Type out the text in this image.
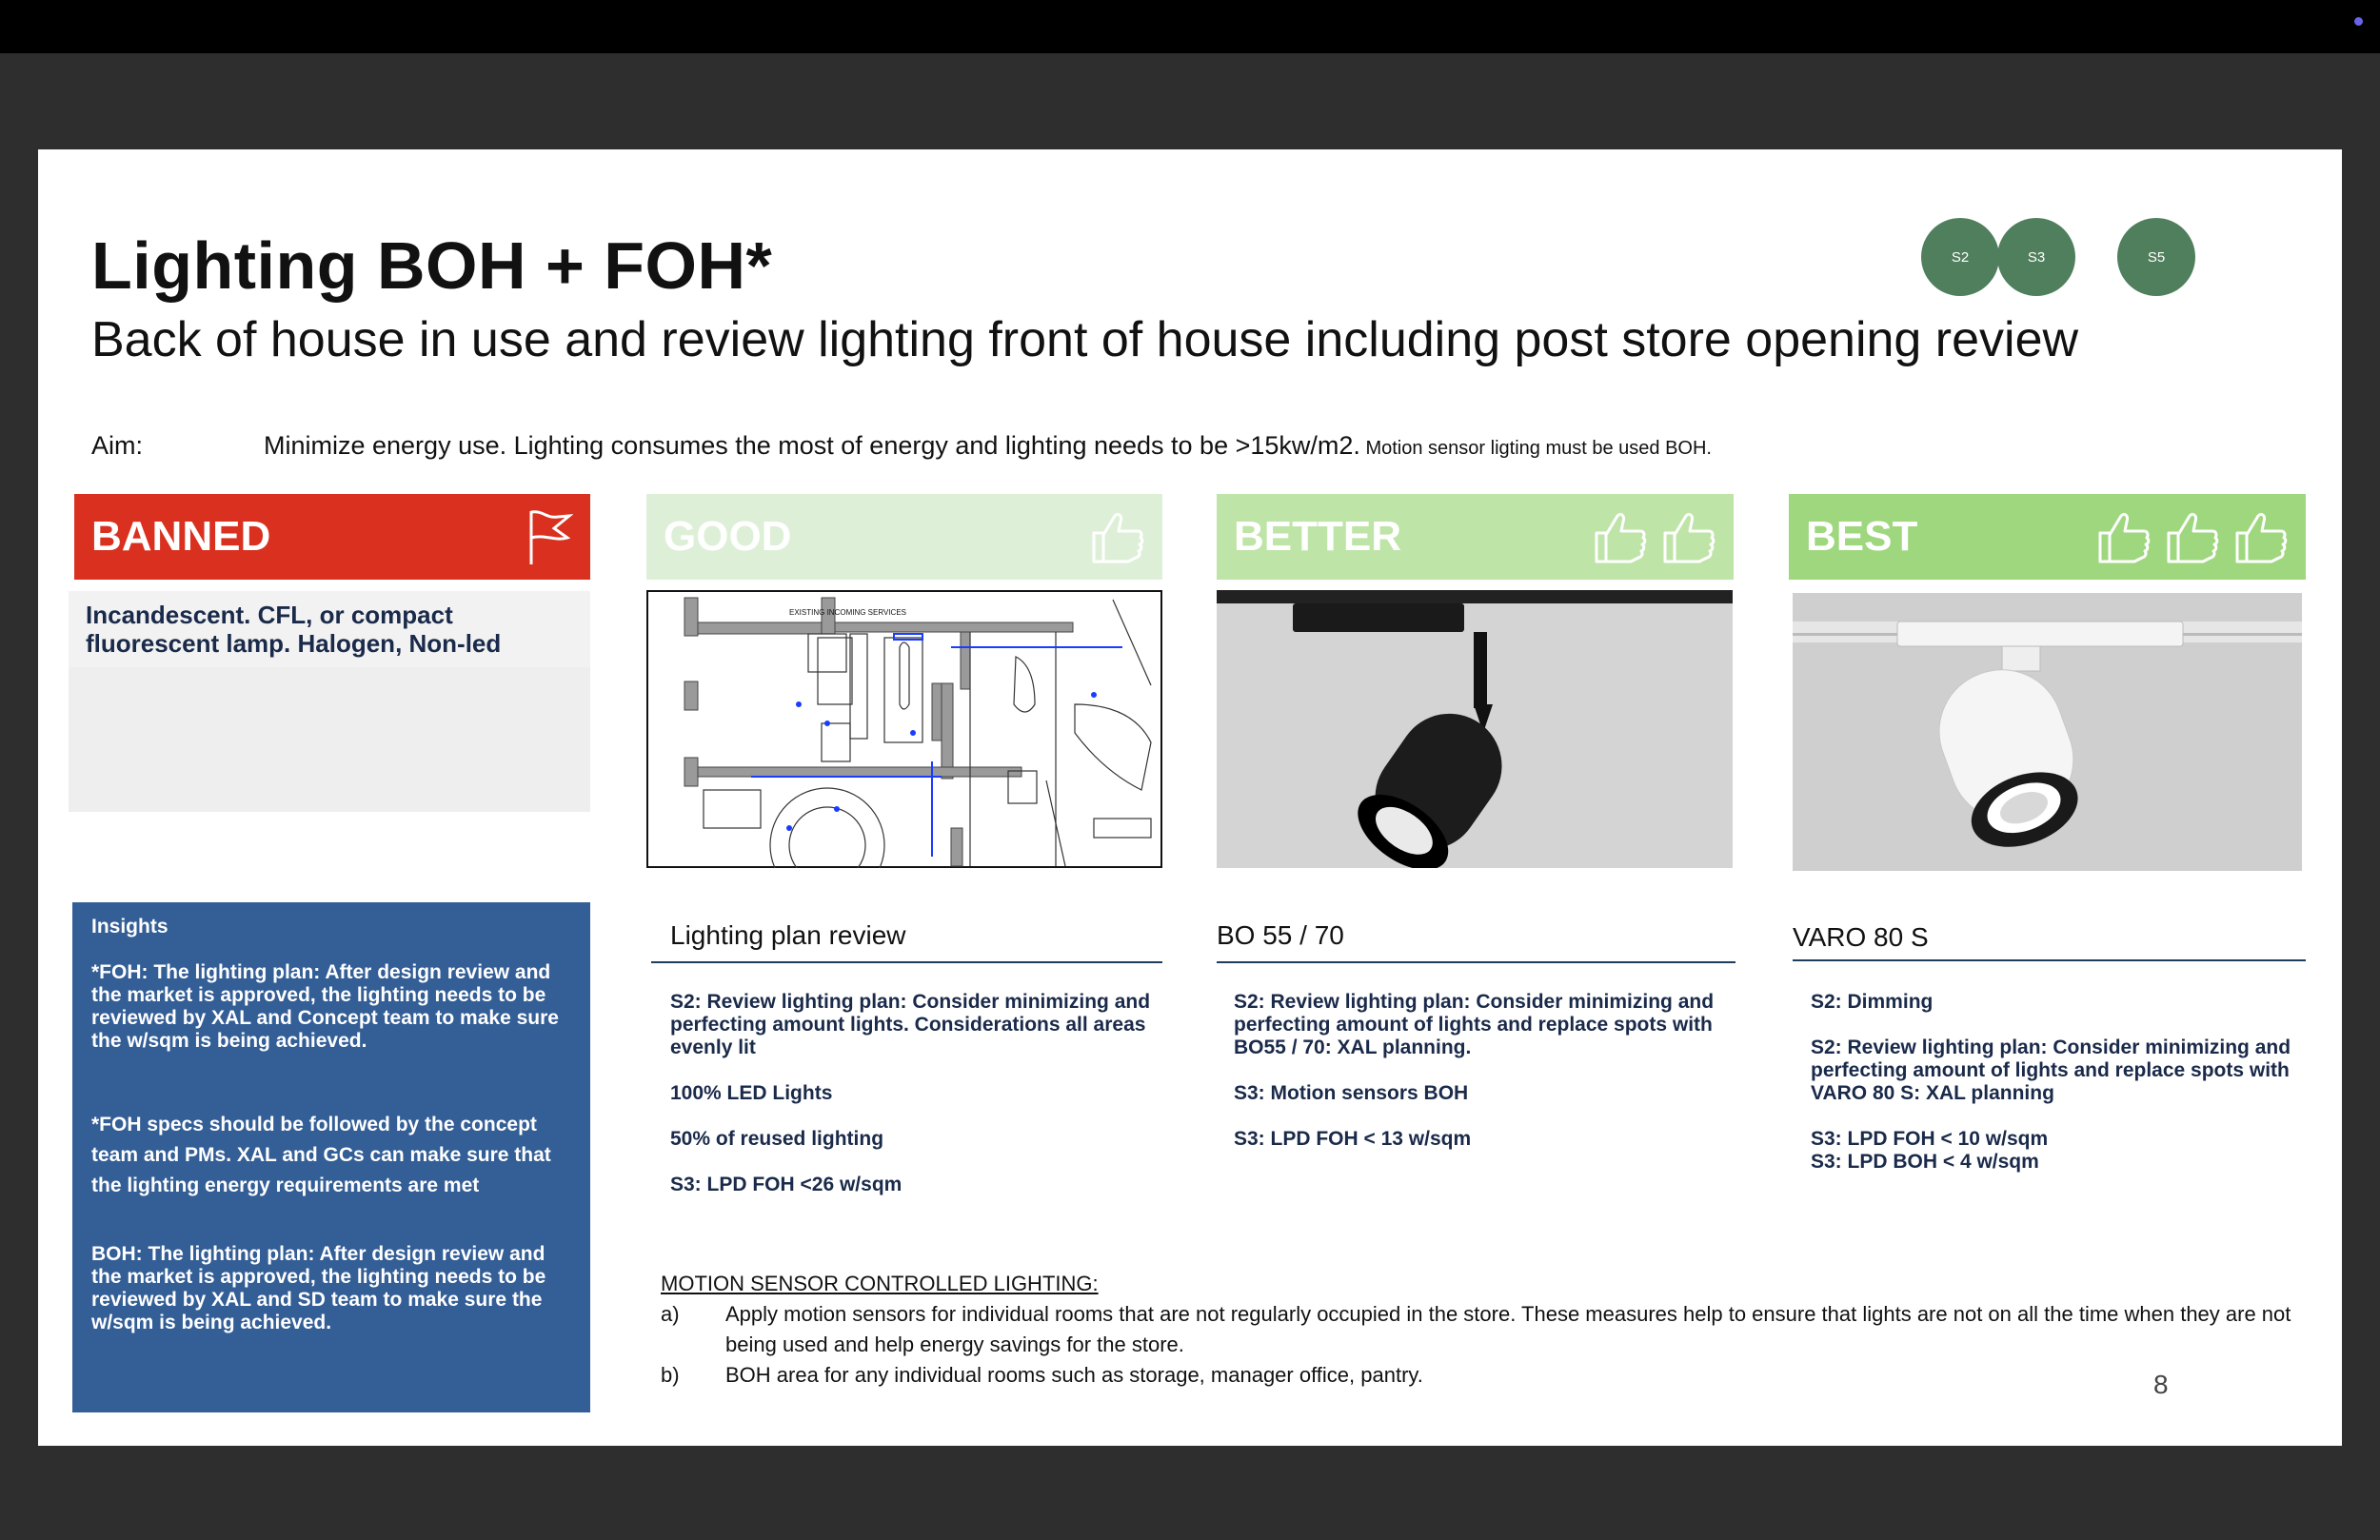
Lighting BOH + FOH*
Back of house in use and review lighting front of house including post store opening review
Aim:	Minimize energy use. Lighting consumes the most of energy and lighting needs to be >15kw/m2. Motion sensor ligting must be used BOH.
S2	S3	S5
BANNED	GOOD	BETTER	BEST
Incandescent. CFL, or compact fluorescent lamp. Halogen, Non-led

Insights

*FOH: The lighting plan: After design review and the market is approved, the lighting needs to be reviewed by XAL and Concept team to make sure the w/sqm is being achieved.

*FOH specs should be followed by the concept team and PMs. XAL and GCs can make sure that the lighting energy requirements are met

BOH: The lighting plan: After design review and the market is approved, the lighting needs to be reviewed by XAL and SD team to make sure the w/sqm is being achieved.

EXISTING INCOMING SERVICES
Lighting plan review

S2: Review lighting plan: Consider minimizing and perfecting amount lights. Considerations all areas evenly lit

100% LED Lights

50% of reused lighting

S3: LPD FOH <26 w/sqm

BO 55 / 70

S2: Review lighting plan: Consider minimizing and perfecting amount of lights and replace spots with BO55 / 70: XAL planning.

S3: Motion sensors BOH

S3: LPD FOH < 13 w/sqm

VARO 80 S

S2: Dimming

S2: Review lighting plan: Consider minimizing and perfecting amount of lights and replace spots with VARO 80 S: XAL planning

S3: LPD FOH < 10 w/sqm

S3: LPD BOH < 4 w/sqm

MOTION SENSOR CONTROLLED LIGHTING:
a)	Apply motion sensors for individual rooms that are not regularly occupied in the store. These measures help to ensure that lights are not on all the time when they are not being used and help energy savings for the store.
b)	BOH area for any individual rooms such as storage, manager office, pantry.	8
